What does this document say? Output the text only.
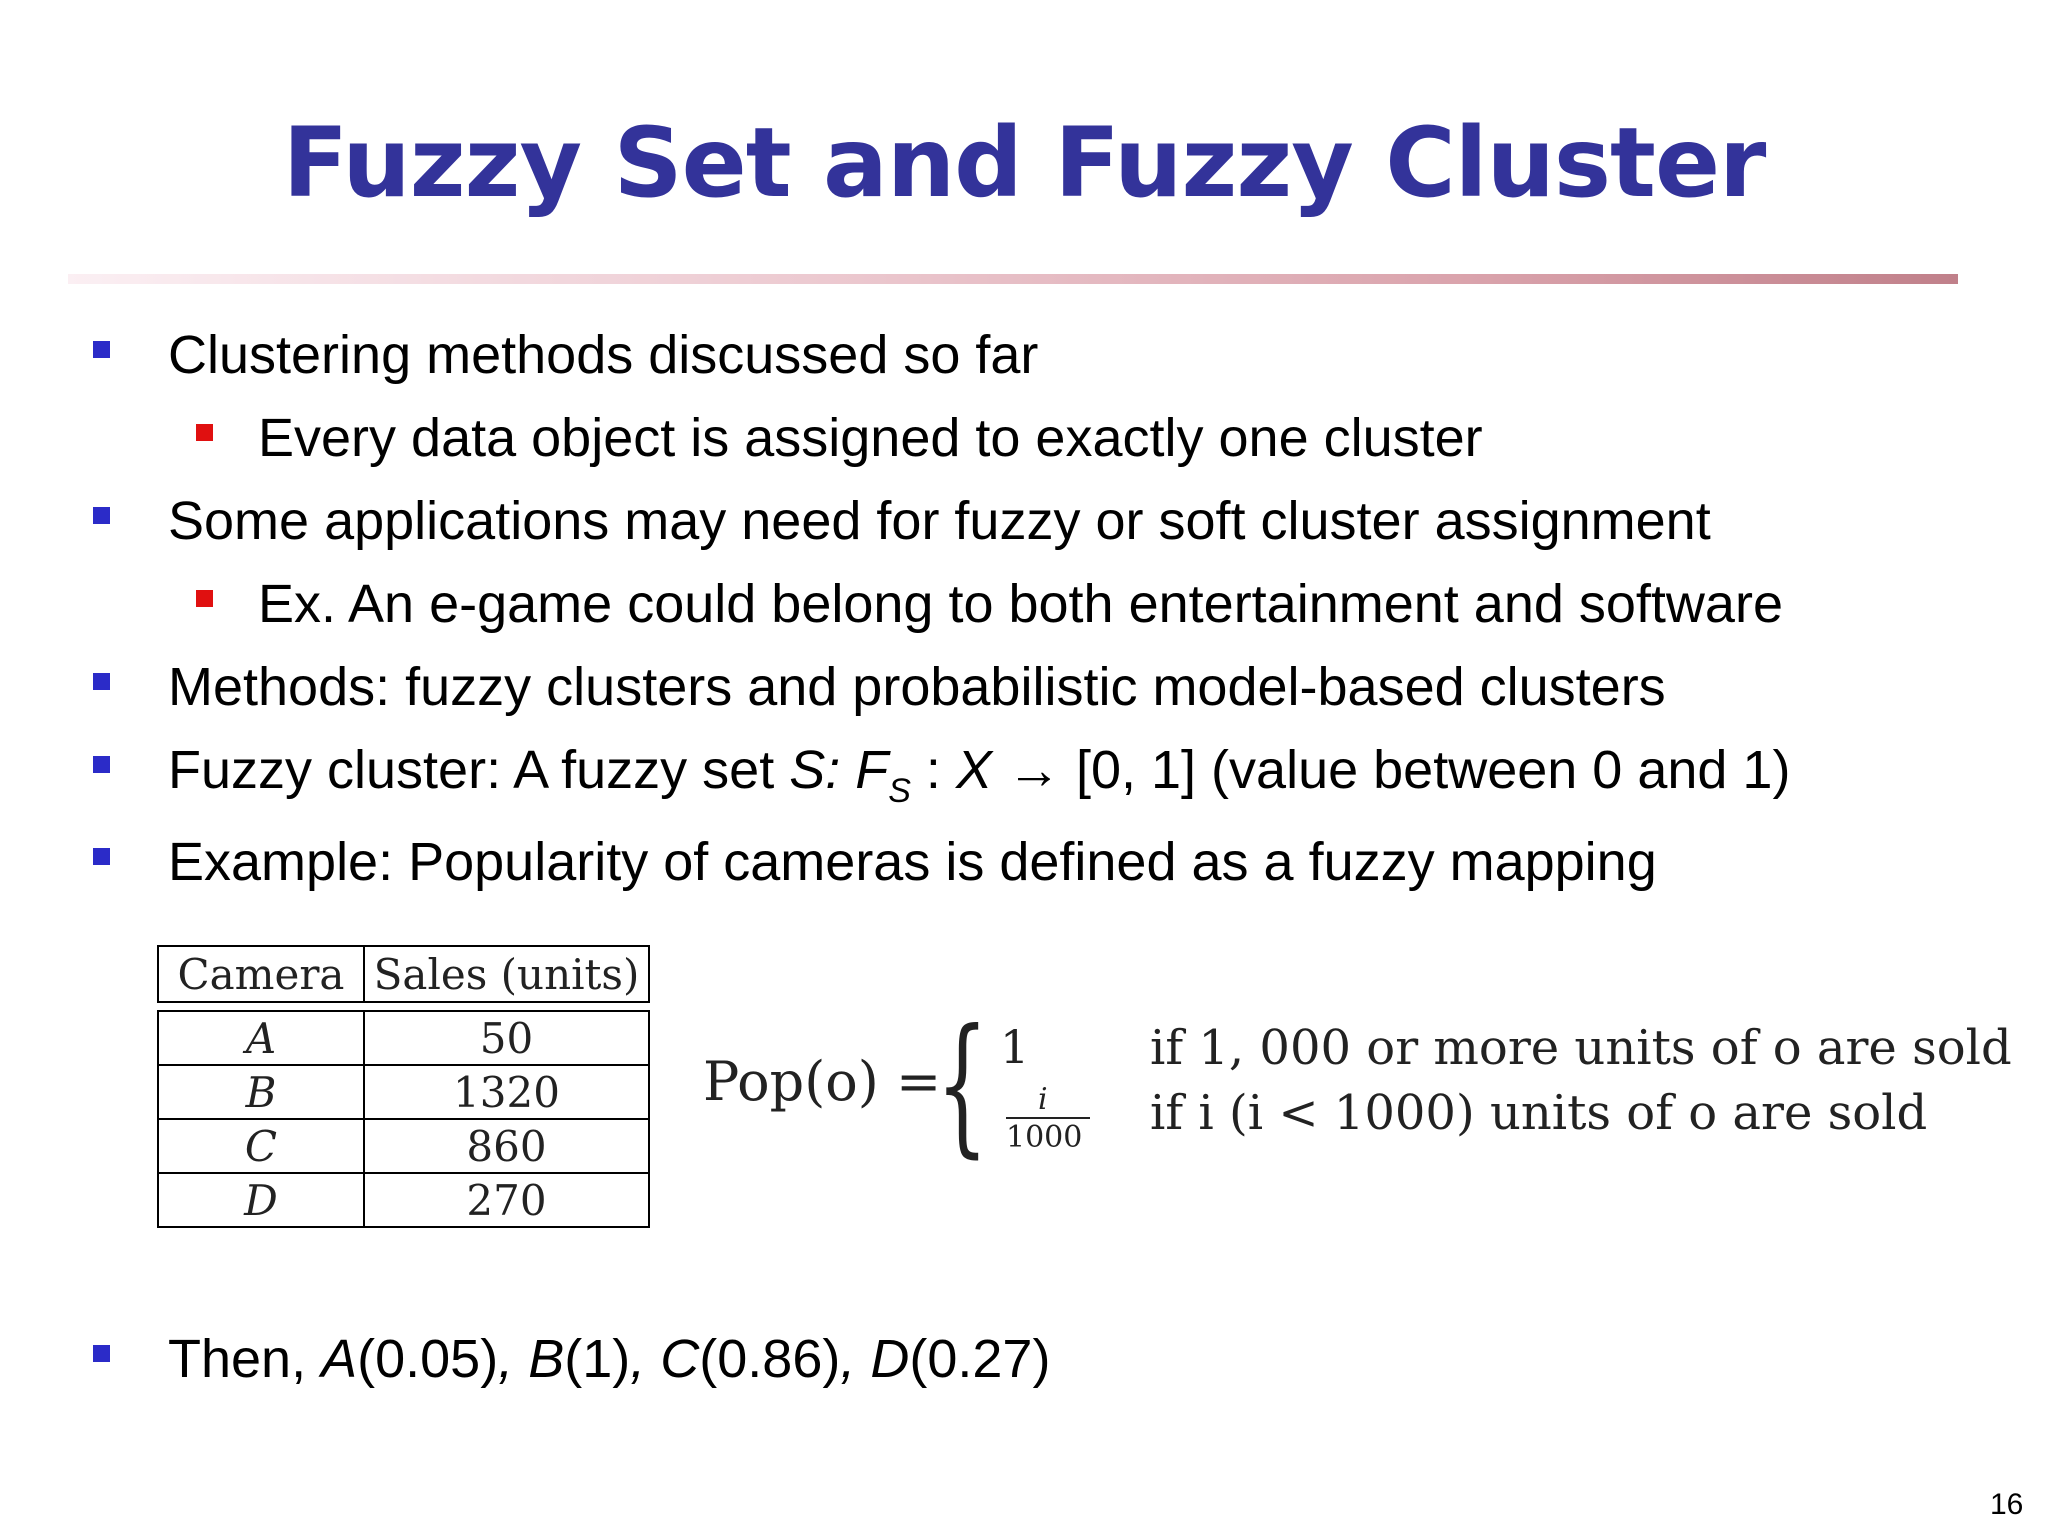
Fuzzy Set and Fuzzy Cluster
Clustering methods discussed so far
Every data object is assigned to exactly one cluster
Some applications may need for fuzzy or soft cluster assignment
Ex. An e-game could belong to both entertainment and software
Methods: fuzzy clusters and probabilistic model-based clusters
Fuzzy cluster: A fuzzy set S: $F_S$ : X → [0, 1] (value between 0 and 1)
Example: Popularity of cameras is defined as a fuzzy mapping
Camera	Sales (units)

A	50
B	1320
C	860
D	270
Pop(o) =
{ 1
i
1000
if 1, 000 or more units of o are sold
if i (i < 1000) units of o are sold
Then, A(0.05), B(1), C(0.86), D(0.27)
16
